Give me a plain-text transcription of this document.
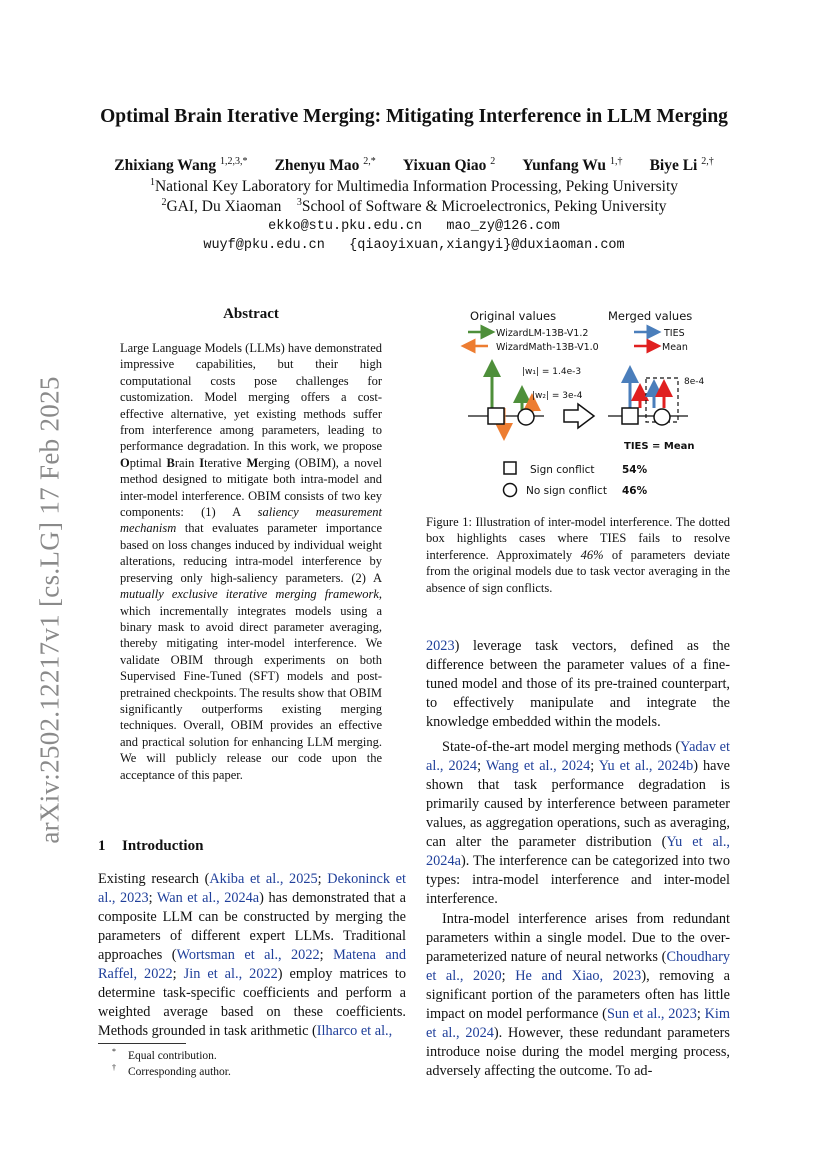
arXiv:2502.12217v1 [cs.LG] 17 Feb 2025
Optimal Brain Iterative Merging: Mitigating Interference in LLM Merging
Zhixiang Wang $^{1,2,3,*}$ Zhenyu Mao $^{2,*}$ Yixuan Qiao $^2$ Yunfang Wu $^{1,\dagger}$ Biye Li $^{2,\dagger}$
$^1$National Key Laboratory for Multimedia Information Processing, Peking University
$^2$GAI, Du Xiaoman $^3$School of Software & Microelectronics, Peking University
ekko@stu.pku.edu.cn   mao_zy@126.com
wuyf@pku.edu.cn   {qiaoyixuan,xiangyi}@duxiaoman.com
Abstract
Large Language Models (LLMs) have demonstrated impressive capabilities, but their high computational costs pose challenges for customization. Model merging offers a cost-effective alternative, yet existing methods suffer from interference among parameters, leading to performance degradation. In this work, we propose Optimal Brain Iterative Merging (OBIM), a novel method designed to mitigate both intra-model and inter-model interference. OBIM consists of two key components: (1) A saliency measurement mechanism that evaluates parameter importance based on loss changes induced by individual weight alterations, reducing intra-model interference by preserving only high-saliency parameters. (2) A mutually exclusive iterative merging framework, which incrementally integrates models using a binary mask to avoid direct parameter averaging, thereby mitigating inter-model interference. We validate OBIM through experiments on both Supervised Fine-Tuned (SFT) models and post-pretrained checkpoints. The results show that OBIM significantly outperforms existing merging techniques. Overall, OBIM provides an effective and practical solution for enhancing LLM merging. We will publicly release our code upon the acceptance of this paper.
1 Introduction
Existing research (Akiba et al., 2025; Dekoninck et al., 2023; Wan et al., 2024a) has demonstrated that a composite LLM can be constructed by merging the parameters of different expert LLMs. Traditional approaches (Wortsman et al., 2022; Matena and Raffel, 2022; Jin et al., 2022) employ matrices to determine task-specific coefficients and perform a weighted average based on these coefficients. Methods grounded in task arithmetic (Ilharco et al.,
* Equal contribution.
† Corresponding author.
Original values	Merged values
WizardLM-13B-V1.2
WizardMath-13B-V1.0
TIES
Mean
|w₁| = 1.4e-3
|w₂| = 3e-4
8e-4
TIES = Mean
Sign conflict	54%
No sign conflict 46%
Figure 1: Illustration of inter-model interference. The dotted box highlights cases where TIES fails to resolve interference. Approximately 46% of parameters deviate from the original models due to task vector averaging in the absence of sign conflicts.
2023) leverage task vectors, defined as the difference between the parameter values of a fine-tuned model and those of its pre-trained counterpart, to effectively manipulate and integrate the knowledge embedded within the models.
State-of-the-art model merging methods (Yadav et al., 2024; Wang et al., 2024; Yu et al., 2024b) have shown that task performance degradation is primarily caused by interference between parameter values, as aggregation operations, such as averaging, can alter the parameter distribution (Yu et al., 2024a). The interference can be categorized into two types: intra-model interference and inter-model interference.
Intra-model interference arises from redundant parameters within a single model. Due to the over-parameterized nature of neural networks (Choudhary et al., 2020; He and Xiao, 2023), removing a significant portion of the parameters often has little impact on model performance (Sun et al., 2023; Kim et al., 2024). However, these redundant parameters introduce noise during the model merging process, adversely affecting the outcome. To ad-
